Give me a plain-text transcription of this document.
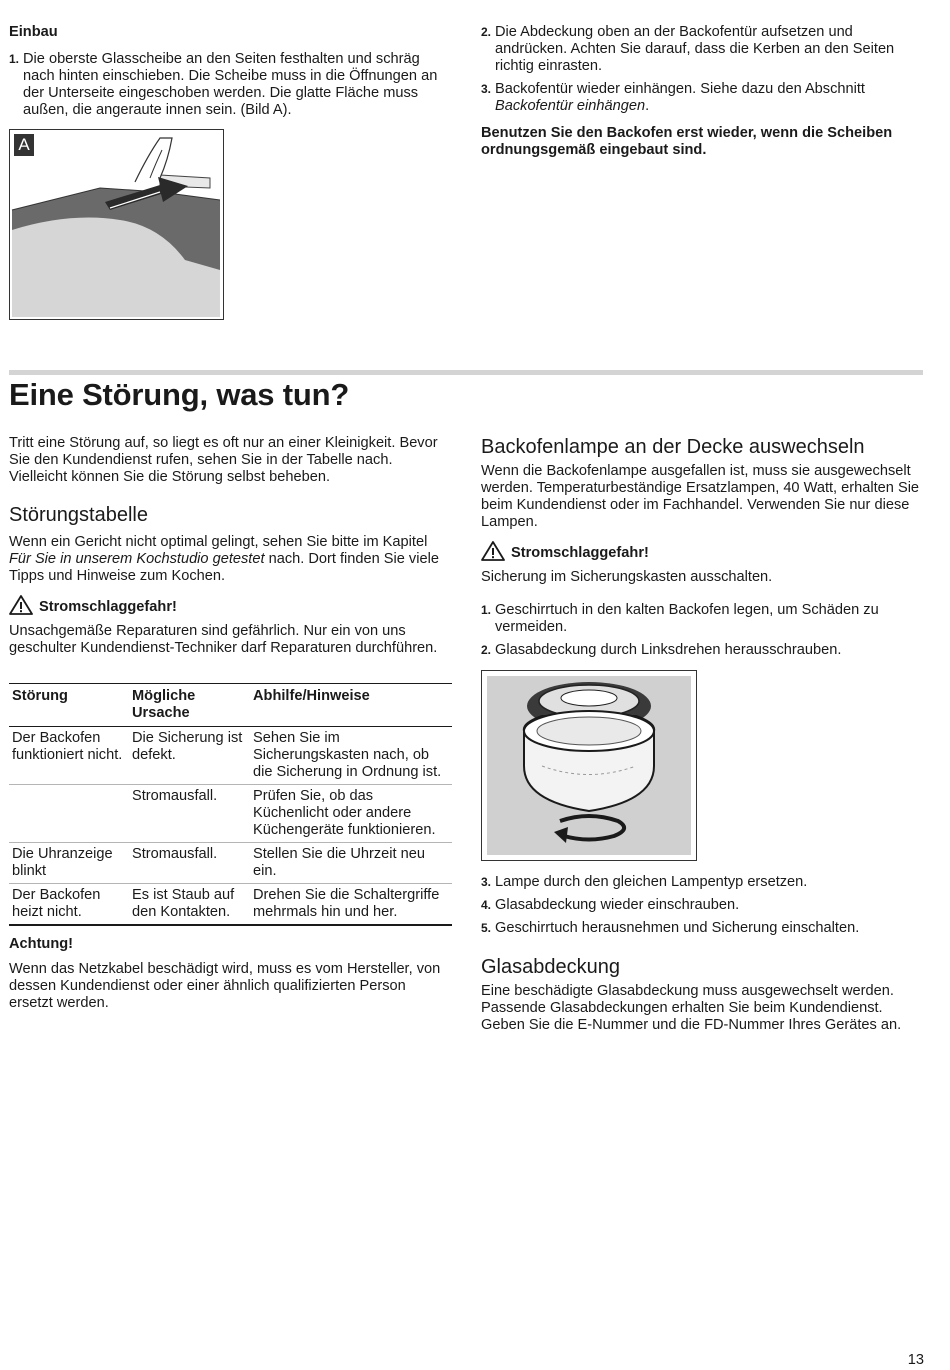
Einbau

1. Die oberste Glasscheibe an den Seiten festhalten und schräg nach hinten einschieben. Die Scheibe muss in die Öffnungen an der Unterseite eingeschoben werden. Die glatte Fläche muss außen, die angeraute innen sein. (Bild A).
A
2. Die Abdeckung oben an der Backofentür aufsetzen und andrücken. Achten Sie darauf, dass die Kerben an den Seiten richtig einrasten.
3. Backofentür wieder einhängen. Siehe dazu den Abschnitt Backofentür einhängen.

Benutzen Sie den Backofen erst wieder, wenn die Scheiben ordnungsgemäß eingebaut sind.

Eine Störung, was tun?

Tritt eine Störung auf, so liegt es oft nur an einer Kleinigkeit. Bevor Sie den Kundendienst rufen, sehen Sie in der Tabelle nach. Vielleicht können Sie die Störung selbst beheben.

Störungstabelle

Wenn ein Gericht nicht optimal gelingt, sehen Sie bitte im Kapitel Für Sie in unserem Kochstudio getestet nach. Dort finden Sie viele Tipps und Hinweise zum Kochen.

Stromschlaggefahr!

Unsachgemäße Reparaturen sind gefährlich. Nur ein von uns geschulter Kundendienst-Techniker darf Reparaturen durchführen.

Störung	Mögliche Ursache	Abhilfe/Hinweise
Der Backofen funktioniert nicht.	Die Sicherung ist defekt.	Sehen Sie im Sicherungskasten nach, ob die Sicherung in Ordnung ist.
	Stromausfall.	Prüfen Sie, ob das Küchenlicht oder andere Küchengeräte funktionieren.
Die Uhranzeige blinkt	Stromausfall.	Stellen Sie die Uhrzeit neu ein.
Der Backofen heizt nicht.	Es ist Staub auf den Kontakten.	Drehen Sie die Schaltergriffe mehrmals hin und her.

Achtung!

Wenn das Netzkabel beschädigt wird, muss es vom Hersteller, von dessen Kundendienst oder einer ähnlich qualifizierten Person ersetzt werden.

Backofenlampe an der Decke auswechseln

Wenn die Backofenlampe ausgefallen ist, muss sie ausgewechselt werden. Temperaturbeständige Ersatzlampen, 40 Watt, erhalten Sie beim Kundendienst oder im Fachhandel. Verwenden Sie nur diese Lampen.

Stromschlaggefahr!

Sicherung im Sicherungskasten ausschalten.

1. Geschirrtuch in den kalten Backofen legen, um Schäden zu vermeiden.
2. Glasabdeckung durch Linksdrehen herausschrauben.
3. Lampe durch den gleichen Lampentyp ersetzen.
4. Glasabdeckung wieder einschrauben.
5. Geschirrtuch herausnehmen und Sicherung einschalten.

Glasabdeckung

Eine beschädigte Glasabdeckung muss ausgewechselt werden. Passende Glasabdeckungen erhalten Sie beim Kundendienst. Geben Sie die E-Nummer und die FD-Nummer Ihres Gerätes an.

13
